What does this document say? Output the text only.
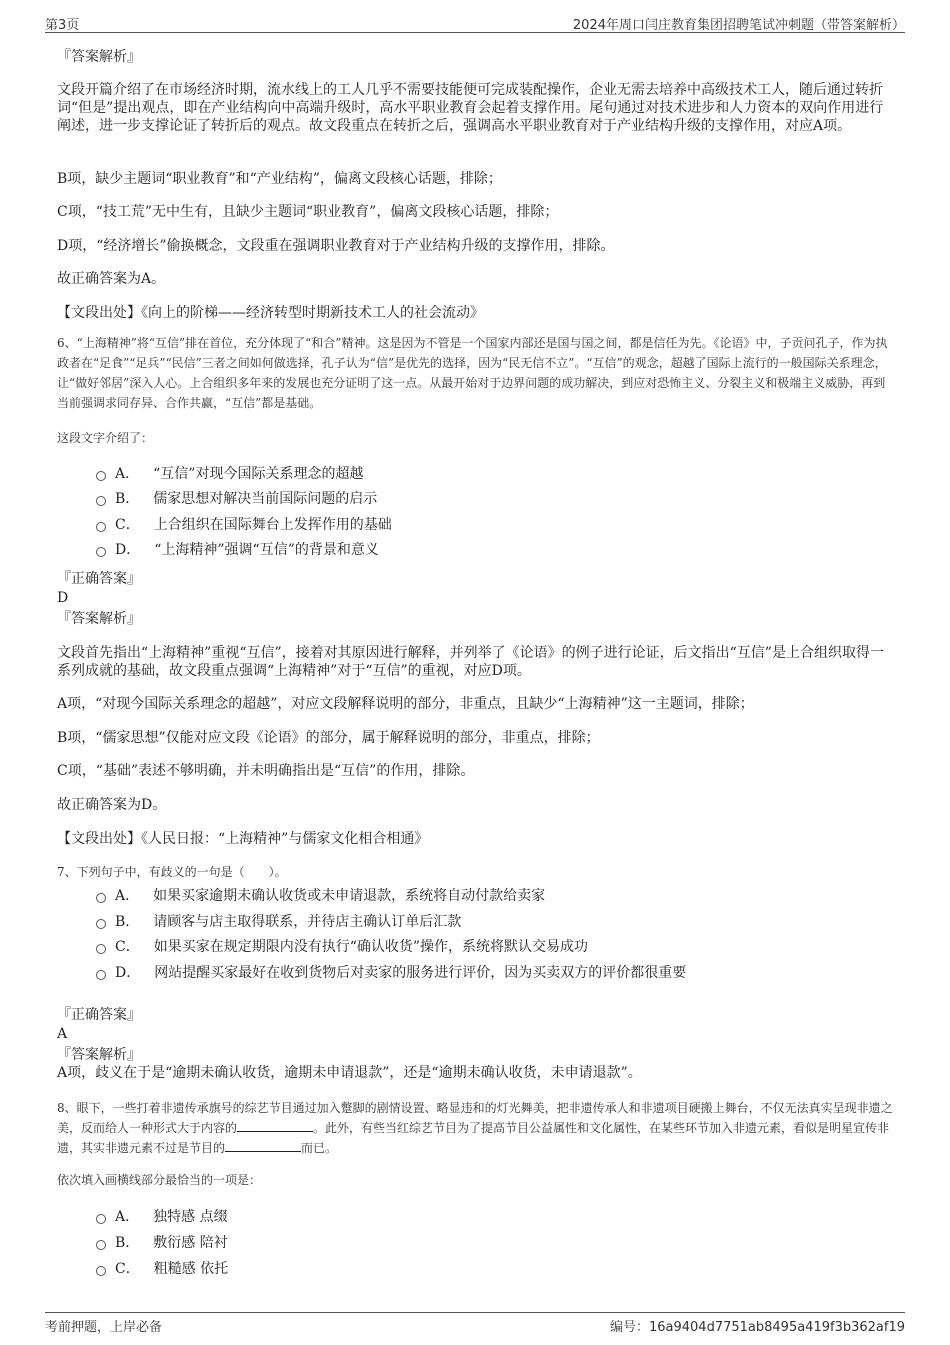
第3页	2024年周口闫庄教育集团招聘笔试冲刺题（带答案解析）
『答案解析』
文段开篇介绍了在市场经济时期，流水线上的工人几乎不需要技能便可完成装配操作，企业无需去培养中高级技术工人，随后通过转折词“但是”提出观点，即在产业结构向中高端升级时，高水平职业教育会起着支撑作用。尾句通过对技术进步和人力资本的双向作用进行阐述，进一步支撑论证了转折后的观点。故文段重点在转折之后，强调高水平职业教育对于产业结构升级的支撑作用，对应A项。
B项，缺少主题词“职业教育”和“产业结构”，偏离文段核心话题，排除；
C项，“技工荒”无中生有，且缺少主题词“职业教育”，偏离文段核心话题，排除；
D项，“经济增长”偷换概念，文段重在强调职业教育对于产业结构升级的支撑作用，排除。
故正确答案为A。
【文段出处】《向上的阶梯——经济转型时期新技术工人的社会流动》
6、“上海精神”将“互信”排在首位，充分体现了“和合”精神。这是因为不管是一个国家内部还是国与国之间，都是信任为先。《论语》中，子贡问孔子，作为执政者在“足食”“足兵”“民信”三者之间如何做选择，孔子认为“信”是优先的选择，因为“民无信不立”。“互信”的观念，超越了国际上流行的一般国际关系理念，让“做好邻居”深入人心。上合组织多年来的发展也充分证明了这一点。从最开始对于边界问题的成功解决，到应对恐怖主义、分裂主义和极端主义威胁，再到当前强调求同存异、合作共赢，“互信”都是基础。
这段文字介绍了：
A． “互信”对现今国际关系理念的超越
B． 儒家思想对解决当前国际问题的启示
C． 上合组织在国际舞台上发挥作用的基础
D． “上海精神”强调“互信”的背景和意义
『正确答案』
D
『答案解析』
文段首先指出“上海精神”重视“互信”，接着对其原因进行解释，并列举了《论语》的例子进行论证，后文指出“互信”是上合组织取得一系列成就的基础，故文段重点强调“上海精神”对于“互信”的重视，对应D项。
A项，“对现今国际关系理念的超越”，对应文段解释说明的部分，非重点，且缺少“上海精神”这一主题词，排除；
B项，“儒家思想”仅能对应文段《论语》的部分，属于解释说明的部分，非重点，排除；
C项，“基础”表述不够明确，并未明确指出是“互信”的作用，排除。
故正确答案为D。
【文段出处】《人民日报：“上海精神”与儒家文化相合相通》
7、下列句子中，有歧义的一句是（　　）。
A． 如果买家逾期未确认收货或未申请退款，系统将自动付款给卖家
B． 请顾客与店主取得联系，并待店主确认订单后汇款
C． 如果买家在规定期限内没有执行“确认收货”操作，系统将默认交易成功
D． 网站提醒买家最好在收到货物后对卖家的服务进行评价，因为买卖双方的评价都很重要
『正确答案』
A
『答案解析』
A项，歧义在于是“逾期未确认收货，逾期未申请退款”，还是“逾期未确认收货，未申请退款”。
8、眼下，一些打着非遗传承旗号的综艺节目通过加入蹩脚的剧情设置、略显违和的灯光舞美，把非遗传承人和非遗项目硬搬上舞台，不仅无法真实呈现非遗之美，反而给人一种形式大于内容的	。此外，有些当红综艺节目为了提高节目公益属性和文化属性，在某些环节加入非遗元素，看似是明星宣传非遗，其实非遗元素不过是节目的	而已。
依次填入画横线部分最恰当的一项是：
A． 独特感 点缀
B． 敷衍感 陪衬
C． 粗糙感 依托
考前押题，上岸必备	编号：16a9404d7751ab8495a419f3b362af19
